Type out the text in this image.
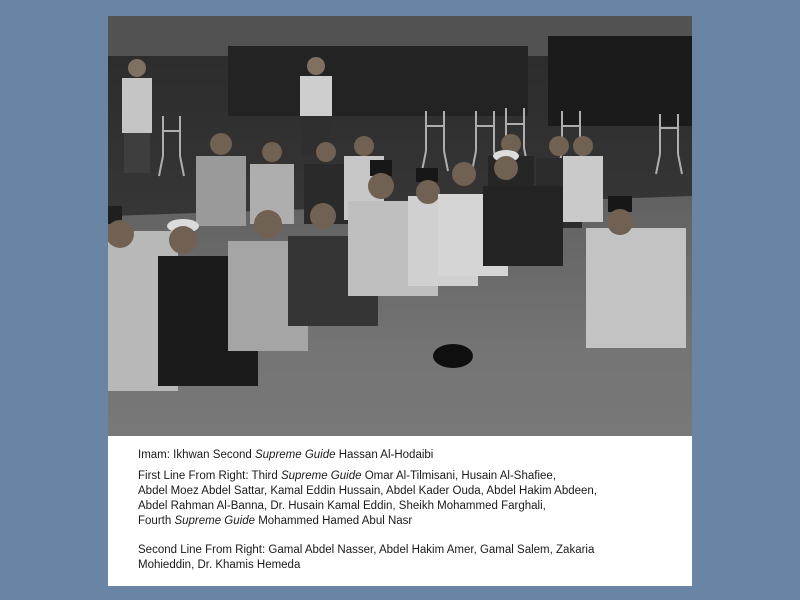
Imam: Ikhwan Second Supreme Guide Hassan Al-Hodaibi
First Line From Right: Third Supreme Guide Omar Al-Tilmisani, Husain Al-Shafiee,
Abdel Moez Abdel Sattar, Kamal Eddin Hussain, Abdel Kader Ouda, Abdel Hakim Abdeen,
Abdel Rahman Al-Banna, Dr. Husain Kamal Eddin, Sheikh Mohammed Farghali,
Fourth Supreme Guide Mohammed Hamed Abul Nasr
Second Line From Right: Gamal Abdel Nasser, Abdel Hakim Amer, Gamal Salem, Zakaria
Mohieddin, Dr. Khamis Hemeda
